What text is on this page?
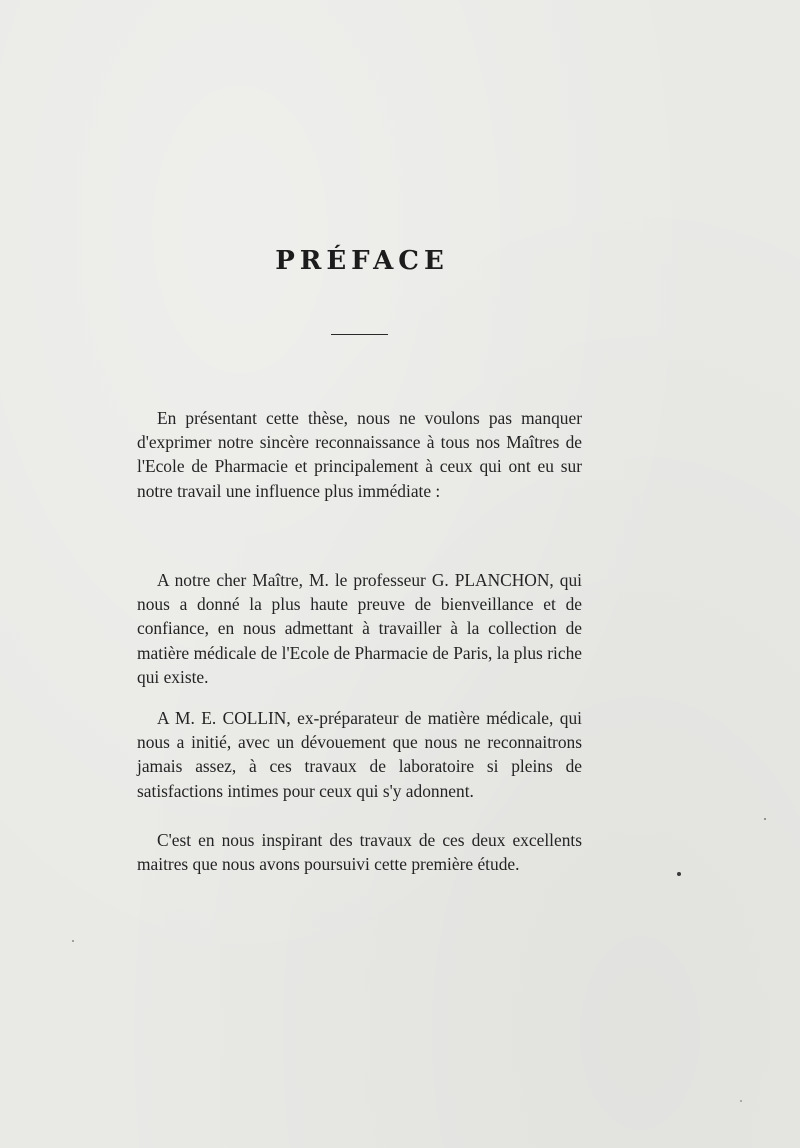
PRÉFACE

En présentant cette thèse, nous ne voulons pas manquer d'exprimer notre sincère reconnaissance à tous nos Maîtres de l'Ecole de Pharmacie et principalement à ceux qui ont eu sur notre travail une influence plus immédiate :

A notre cher Maître, M. le professeur G. PLANCHON, qui nous a donné la plus haute preuve de bienveillance et de confiance, en nous admettant à travailler à la collection de matière médicale de l'Ecole de Pharmacie de Paris, la plus riche qui existe.

A M. E. COLLIN, ex-préparateur de matière médicale, qui nous a initié, avec un dévouement que nous ne reconnaitrons jamais assez, à ces travaux de laboratoire si pleins de satisfactions intimes pour ceux qui s'y adonnent.

C'est en nous inspirant des travaux de ces deux excellents maitres que nous avons poursuivi cette première étude.
